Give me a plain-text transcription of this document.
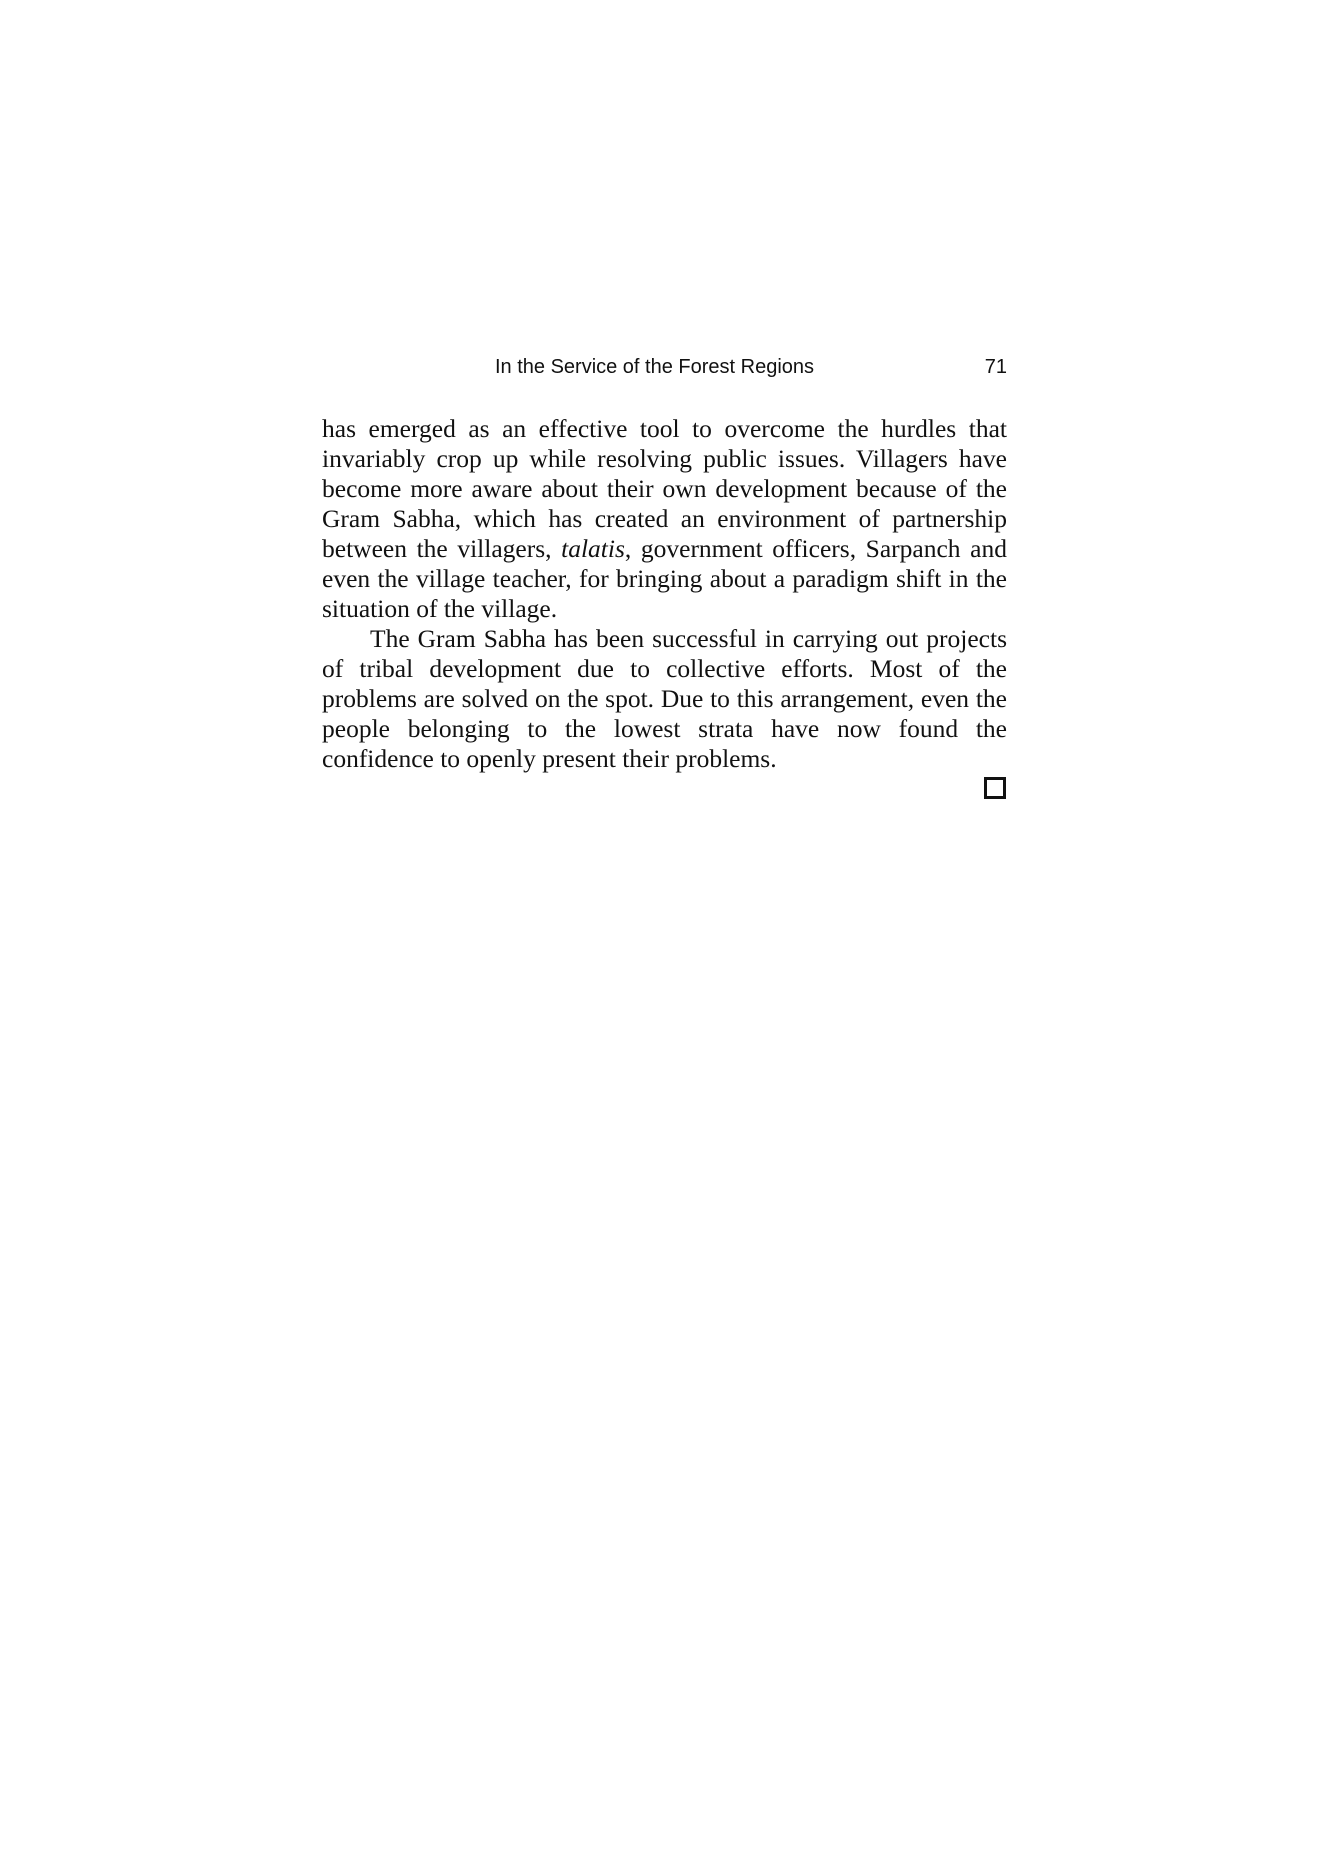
In the Service of the Forest Regions	71

has emerged as an effective tool to overcome the hurdles that invariably crop up while resolving public issues. Villagers have become more aware about their own development because of the Gram Sabha, which has created an environment of partnership between the villagers, talatis, government officers, Sarpanch and even the village teacher, for bringing about a paradigm shift in the situation of the village.

The Gram Sabha has been successful in carrying out projects of tribal development due to collective efforts. Most of the problems are solved on the spot. Due to this arrangement, even the people belonging to the lowest strata have now found the confidence to openly present their problems.
